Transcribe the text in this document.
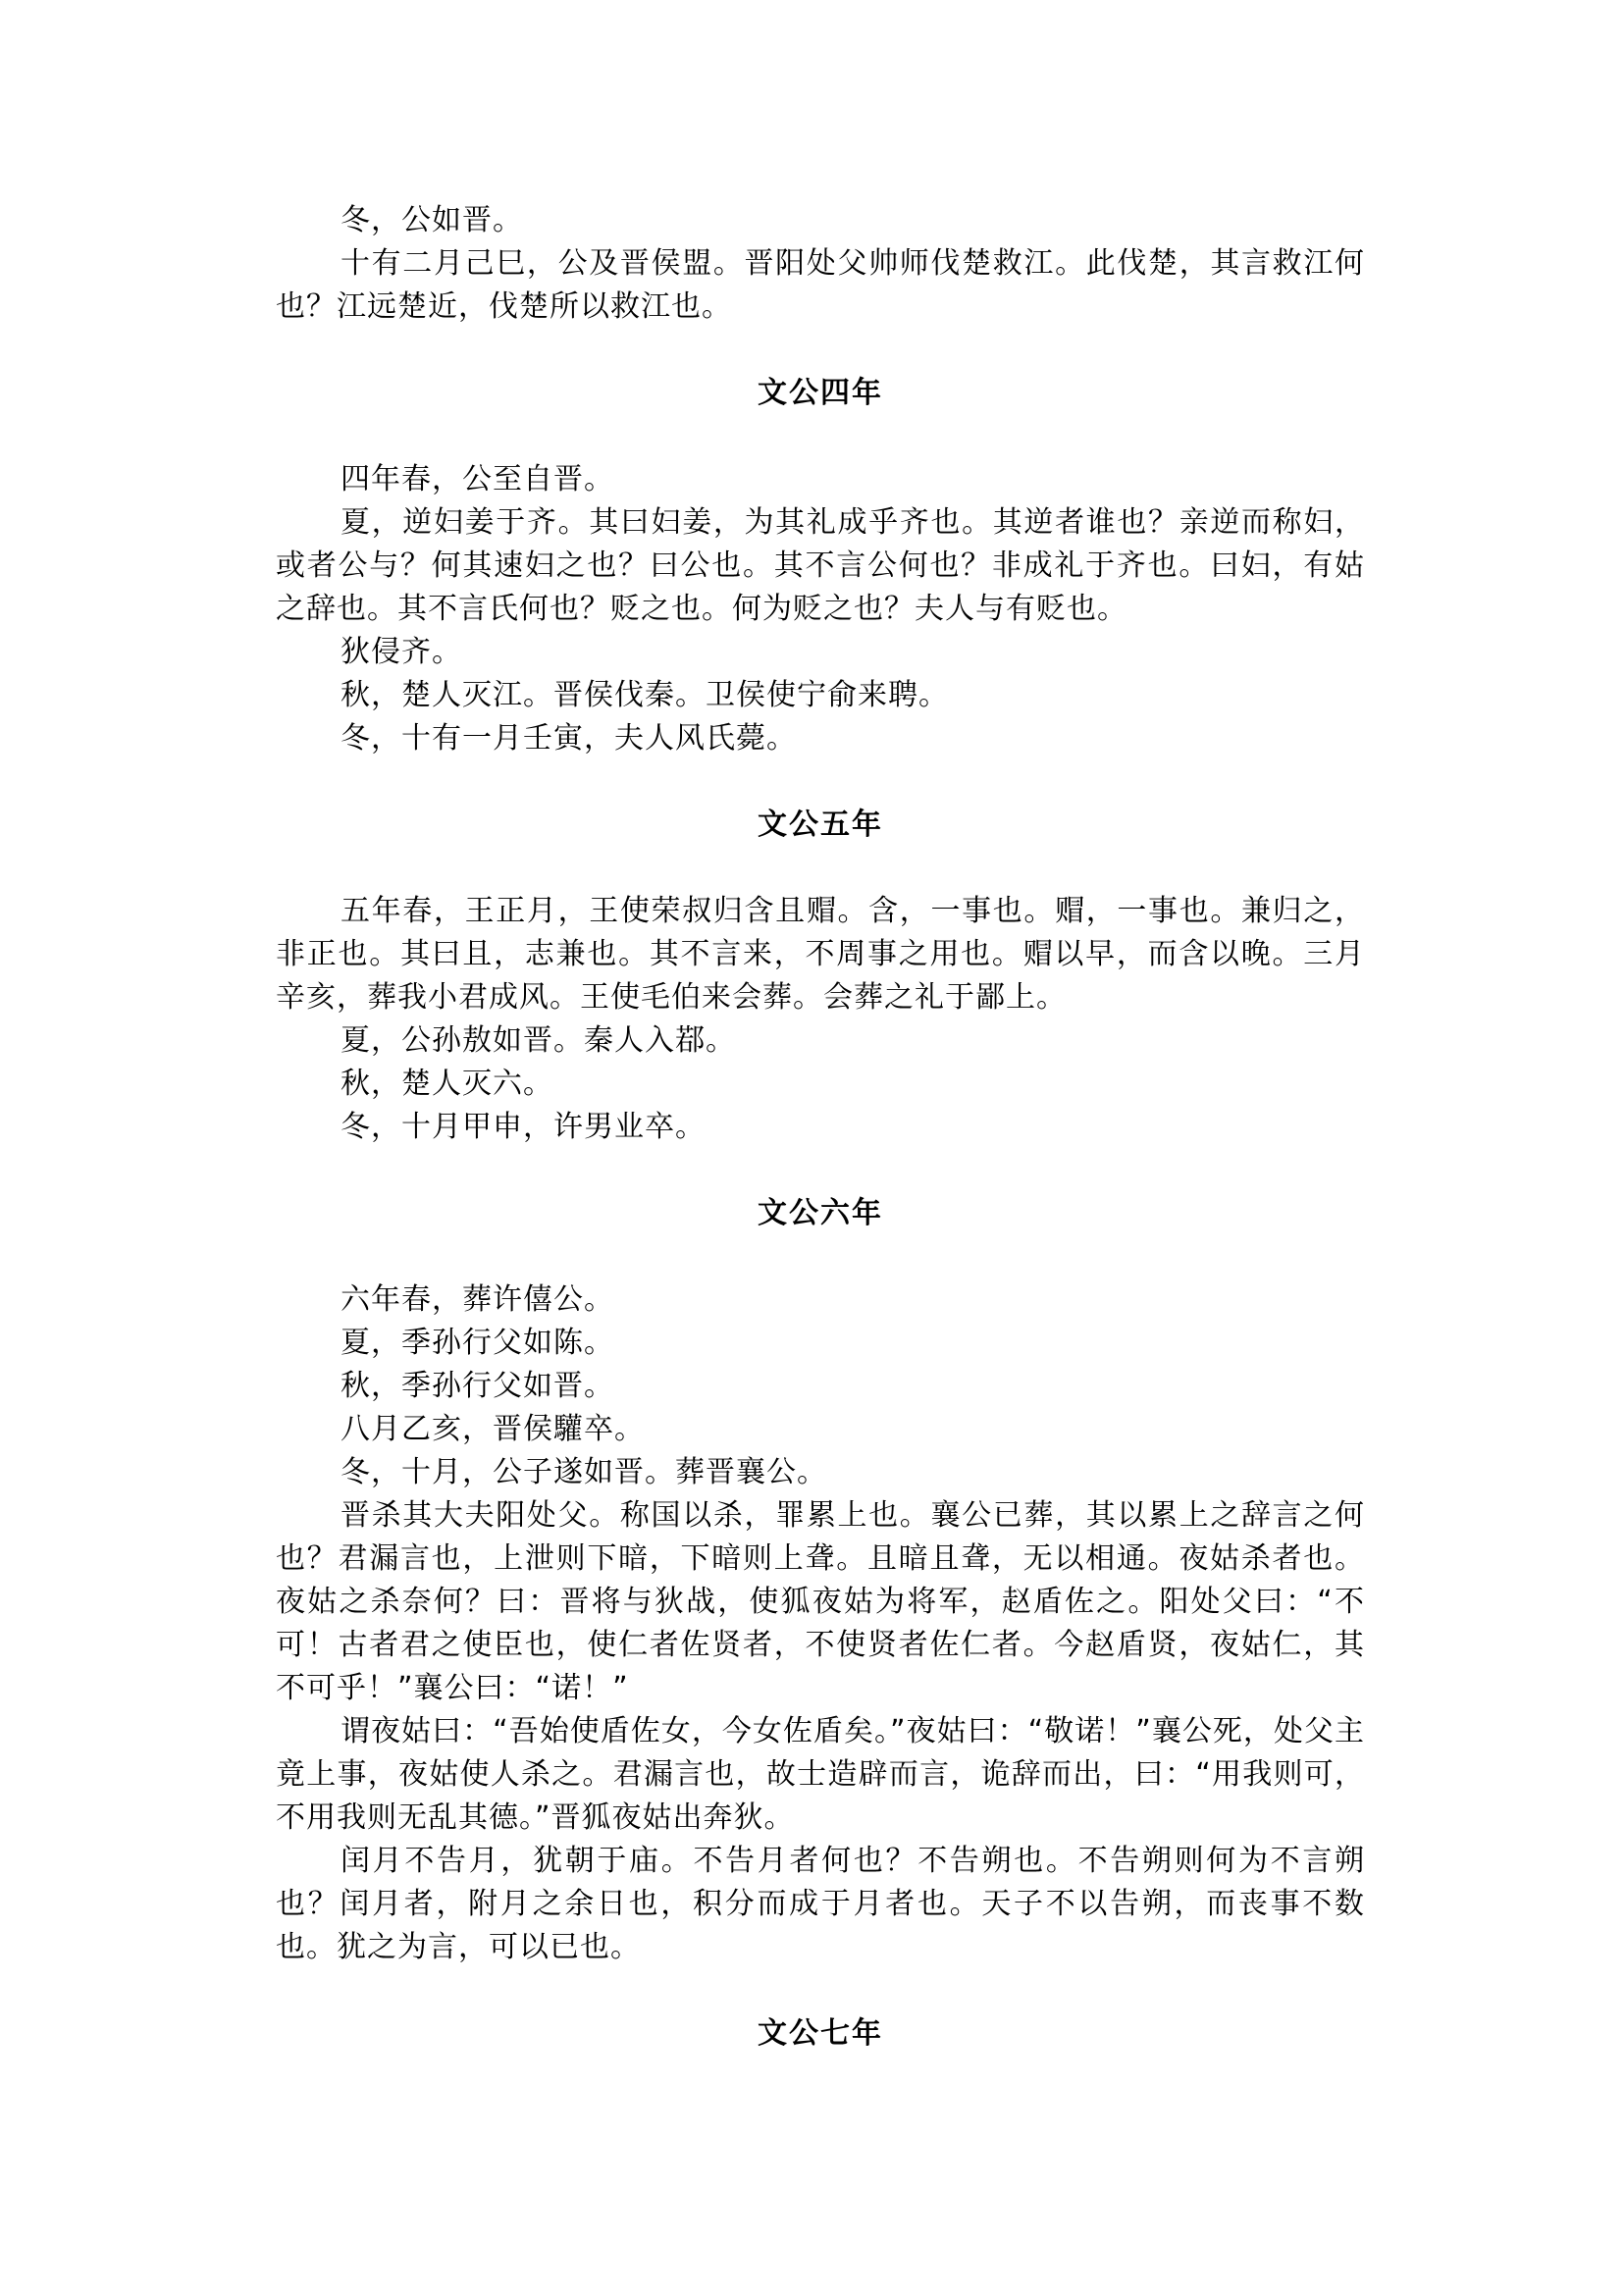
冬，公如晋。

十有二月己巳，公及晋侯盟。晋阳处父帅师伐楚救江。此伐楚，其言救江何也？江远楚近，伐楚所以救江也。

文公四年

四年春，公至自晋。

夏，逆妇姜于齐。其曰妇姜，为其礼成乎齐也。其逆者谁也？亲逆而称妇，或者公与？何其速妇之也？曰公也。其不言公何也？非成礼于齐也。曰妇，有姑之辞也。其不言氏何也？贬之也。何为贬之也？夫人与有贬也。

狄侵齐。

秋，楚人灭江。晋侯伐秦。卫侯使宁俞来聘。

冬，十有一月壬寅，夫人风氏薨。

文公五年

五年春，王正月，王使荣叔归含且赗。含，一事也。赗，一事也。兼归之，非正也。其曰且，志兼也。其不言来，不周事之用也。赗以早，而含以晚。三月辛亥，葬我小君成风。王使毛伯来会葬。会葬之礼于鄙上。

夏，公孙敖如晋。秦人入鄀。

秋，楚人灭六。

冬，十月甲申，许男业卒。

文公六年

六年春，葬许僖公。

夏，季孙行父如陈。

秋，季孙行父如晋。

八月乙亥，晋侯驩卒。

冬，十月，公子遂如晋。葬晋襄公。

晋杀其大夫阳处父。称国以杀，罪累上也。襄公已葬，其以累上之辞言之何也？君漏言也，上泄则下暗，下暗则上聋。且暗且聋，无以相通。夜姑杀者也。夜姑之杀奈何？曰：晋将与狄战，使狐夜姑为将军，赵盾佐之。阳处父曰：“不可！古者君之使臣也，使仁者佐贤者，不使贤者佐仁者。今赵盾贤，夜姑仁，其不可乎！”襄公曰：“诺！”

谓夜姑曰：“吾始使盾佐女，今女佐盾矣。”夜姑曰：“敬诺！”襄公死，处父主竟上事，夜姑使人杀之。君漏言也，故士造辟而言，诡辞而出，曰：“用我则可，不用我则无乱其德。”晋狐夜姑出奔狄。

闰月不告月，犹朝于庙。不告月者何也？不告朔也。不告朔则何为不言朔也？闰月者，附月之余日也，积分而成于月者也。天子不以告朔，而丧事不数也。犹之为言，可以已也。

文公七年
